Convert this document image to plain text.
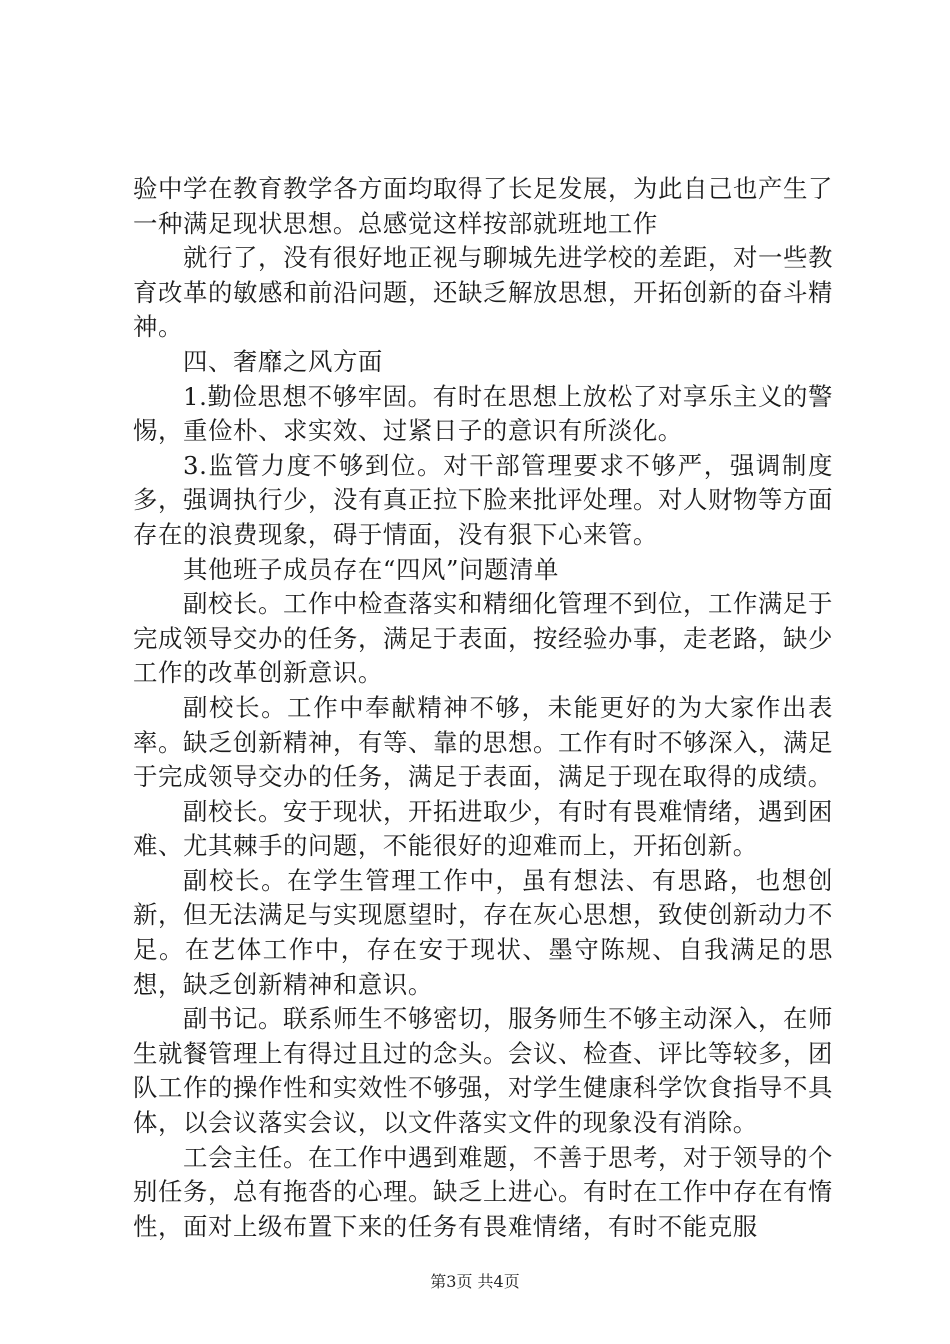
验中学在教育教学各方面均取得了长足发展，为此自己也产生了一种满足现状思想。总感觉这样按部就班地工作

就行了，没有很好地正视与聊城先进学校的差距，对一些教育改革的敏感和前沿问题，还缺乏解放思想，开拓创新的奋斗精神。

四、奢靡之风方面

1.勤俭思想不够牢固。有时在思想上放松了对享乐主义的警惕，重俭朴、求实效、过紧日子的意识有所淡化。

3.监管力度不够到位。对干部管理要求不够严，强调制度多，强调执行少，没有真正拉下脸来批评处理。对人财物等方面存在的浪费现象，碍于情面，没有狠下心来管。

其他班子成员存在“四风”问题清单

副校长。工作中检查落实和精细化管理不到位，工作满足于完成领导交办的任务，满足于表面，按经验办事，走老路，缺少工作的改革创新意识。

副校长。工作中奉献精神不够，未能更好的为大家作出表率。缺乏创新精神，有等、靠的思想。工作有时不够深入，满足于完成领导交办的任务，满足于表面，满足于现在取得的成绩。

副校长。安于现状，开拓进取少，有时有畏难情绪，遇到困难、尤其棘手的问题，不能很好的迎难而上，开拓创新。

副校长。在学生管理工作中，虽有想法、有思路，也想创新，但无法满足与实现愿望时，存在灰心思想，致使创新动力不足。在艺体工作中，存在安于现状、墨守陈规、自我满足的思想，缺乏创新精神和意识。

副书记。联系师生不够密切，服务师生不够主动深入，在师生就餐管理上有得过且过的念头。会议、检查、评比等较多，团队工作的操作性和实效性不够强，对学生健康科学饮食指导不具体，以会议落实会议，以文件落实文件的现象没有消除。

工会主任。在工作中遇到难题，不善于思考，对于领导的个别任务，总有拖沓的心理。缺乏上进心。有时在工作中存在有惰性，面对上级布置下来的任务有畏难情绪，有时不能克服

第3页 共4页
